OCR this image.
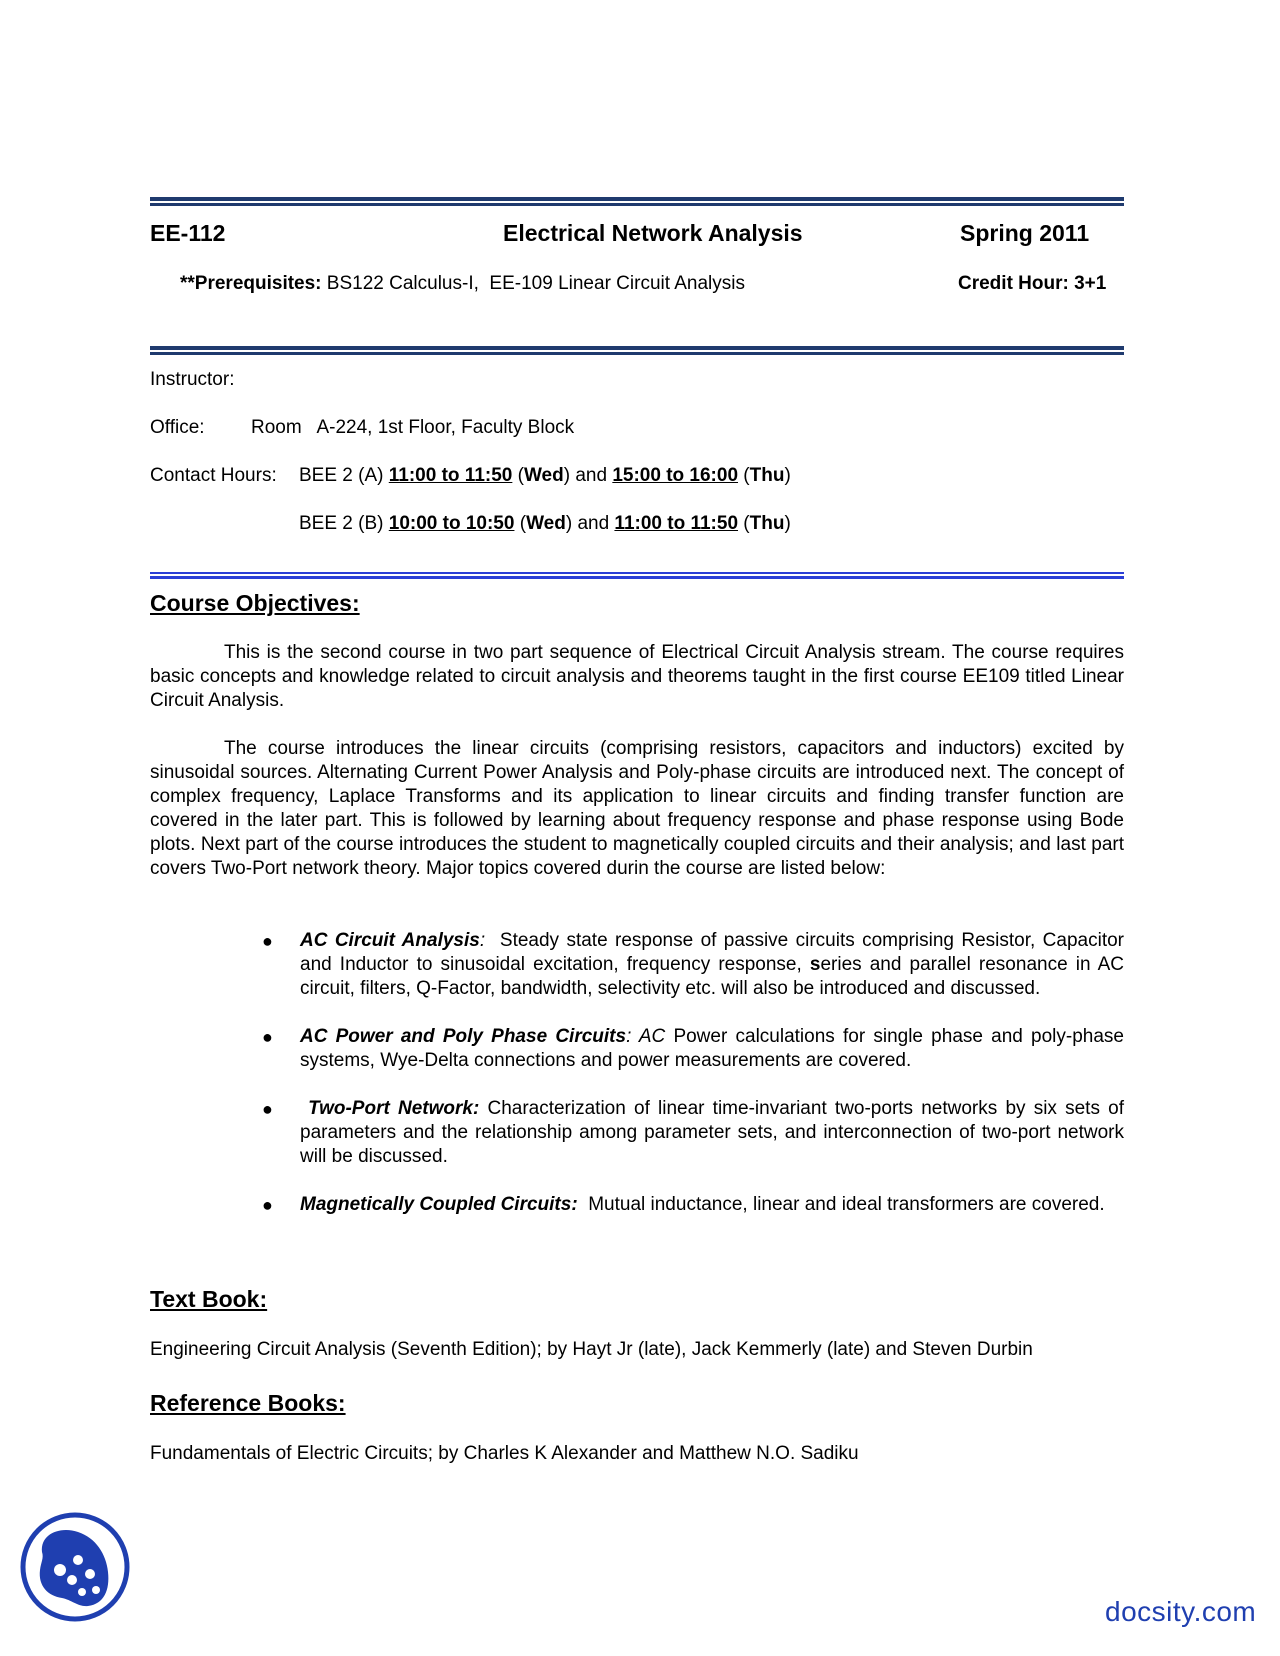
EE-112	Electrical Network Analysis	Spring 2011
**Prerequisites: BS122 Calculus-I,  EE-109 Linear Circuit Analysis	Credit Hour: 3+1
Instructor:
Office: Room   A-224, 1st Floor, Faculty Block
Contact Hours: BEE 2 (A) 11:00 to 11:50 (Wed) and 15:00 to 16:00 (Thu)
BEE 2 (B) 10:00 to 10:50 (Wed) and 11:00 to 11:50 (Thu)
Course Objectives:
This is the second course in two part sequence of Electrical Circuit Analysis stream. The course requires basic concepts and knowledge related to circuit analysis and theorems taught in the first course EE109 titled Linear Circuit Analysis.
The course introduces the linear circuits (comprising resistors, capacitors and inductors) excited by sinusoidal sources. Alternating Current Power Analysis and Poly-phase circuits are introduced next. The concept of complex frequency, Laplace Transforms and its application to linear circuits and finding transfer function are covered in the later part. This is followed by learning about frequency response and phase response using Bode plots. Next part of the course introduces the student to magnetically coupled circuits and their analysis; and last part covers Two-Port network theory. Major topics covered durin the course are listed below:
● AC Circuit Analysis:  Steady state response of passive circuits comprising Resistor, Capacitor and Inductor to sinusoidal excitation, frequency response, series and parallel resonance in AC circuit, filters, Q-Factor, bandwidth, selectivity etc. will also be introduced and discussed.
● AC Power and Poly Phase Circuits: AC Power calculations for single phase and poly-phase systems, Wye-Delta connections and power measurements are covered.
● Two-Port Network: Characterization of linear time-invariant two-ports networks by six sets of parameters and the relationship among parameter sets, and interconnection of two-port network will be discussed.
● Magnetically Coupled Circuits:  Mutual inductance, linear and ideal transformers are covered.
Text Book:
Engineering Circuit Analysis (Seventh Edition); by Hayt Jr (late), Jack Kemmerly (late) and Steven Durbin
Reference Books:
Fundamentals of Electric Circuits; by Charles K Alexander and Matthew N.O. Sadiku
docsity.com
